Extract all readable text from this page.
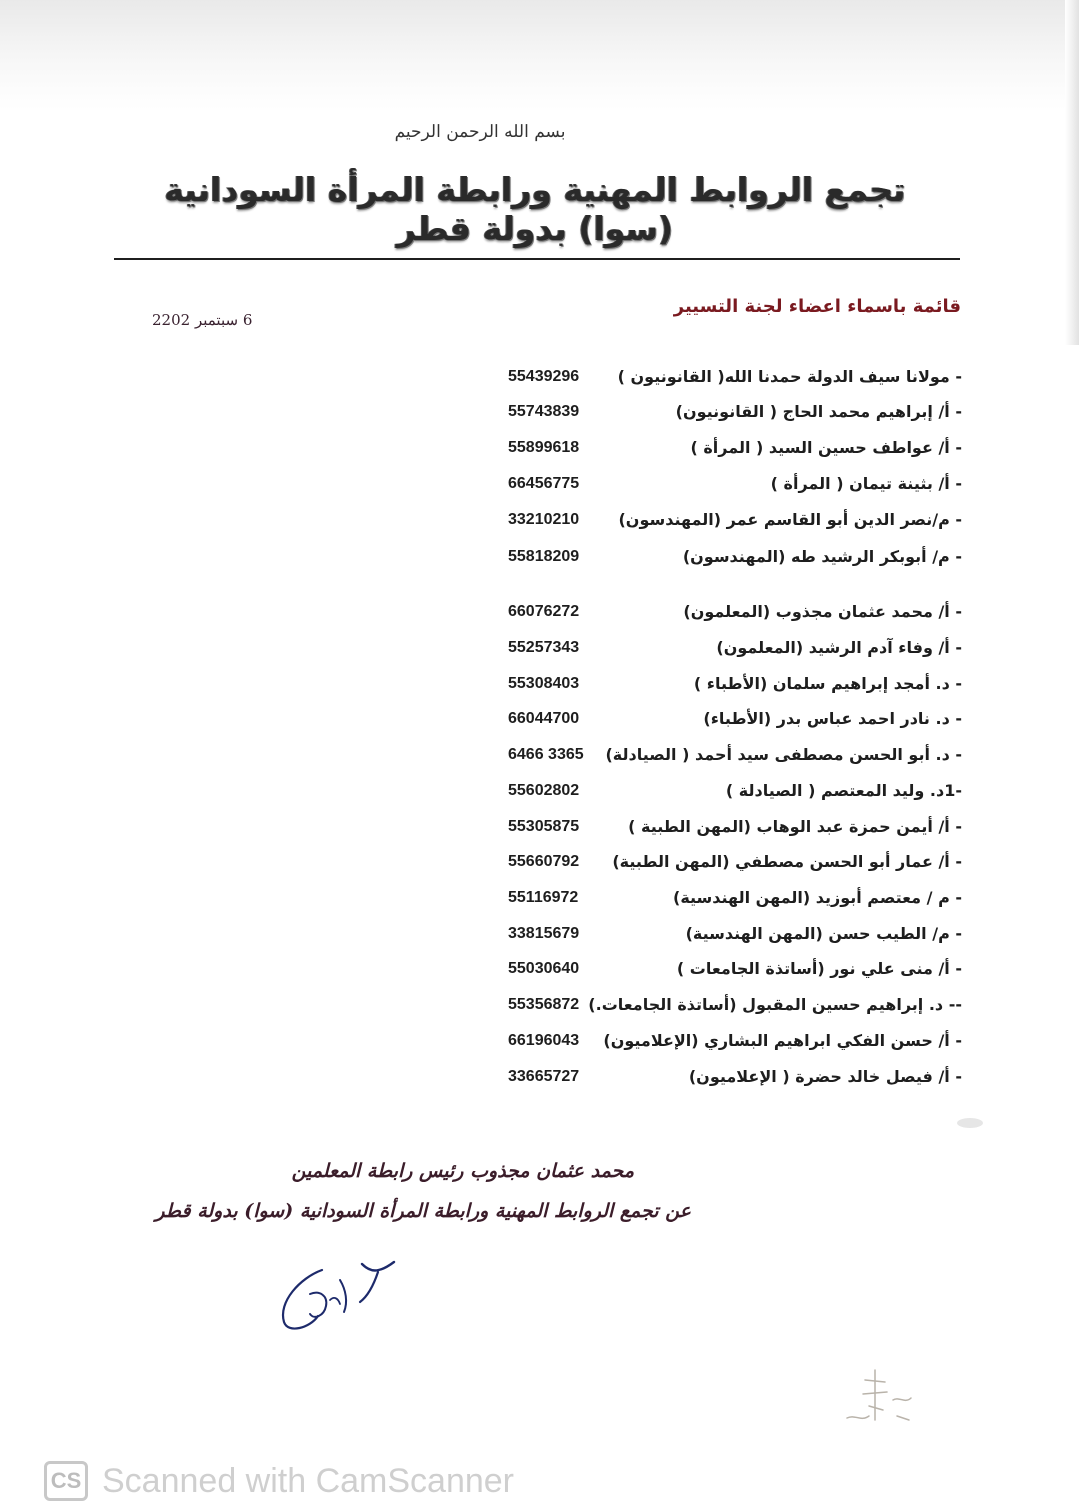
بسم الله الرحمن الرحيم
تجمع الروابط المهنية ورابطة المرأة السودانية (سوا) بدولة قطر
قائمة باسماء اعضاء لجنة التسيير
6 سبتمبر 2202
- مولانا سيف الدولة حمدنا الله( القانونيون )
55439296
- أ/ إبراهيم محمد الحاج ( القانونيون)
55743839
- أ/ عواطف حسين السيد ( المرأة )
55899618
- أ/ بثينة تيمان ( المرأة )
66456775
- م/نصر الدين أبو القاسم عمر (المهندسون)
33210210
- م/ أبوبكر الرشيد طه (المهندسون)
55818209
- أ/ محمد عثمان مجذوب (المعلمون)
66076272
- أ/ وفاء آدم الرشيد (المعلمون)
55257343
- د. أمجد إبراهيم سلمان (الأطباء )
55308403
- د. نادر احمد عباس بدر (الأطباء)
66044700
- د. أبو الحسن مصطفى سيد أحمد ( الصيادلة)
6466 3365
-1د. وليد المعتصم ( الصيادلة )
55602802
- أ/ أيمن حمزة عبد الوهاب (المهن الطبية )
55305875
- أ/ عمار أبو الحسن مصطفي (المهن الطبية)
55660792
- م / معتصم أبوزيد (المهن الهندسية)
55116972
- م/ الطيب حسن (المهن الهندسية)
33815679
- أ/ منى علي نور (أساتذة الجامعات )
55030640
-- د. إبراهيم حسين المقبول (أساتذة الجامعات.)
55356872
- أ/ حسن الفكي ابراهيم البشاري (الإعلاميون)
66196043
- أ/ فيصل خالد حضرة ( الإعلاميون)
33665727
محمد عثمان مجذوب رئيس رابطة المعلمين
عن تجمع الروابط المهنية ورابطة المرأة السودانية (سوا) بدولة قطر
CS Scanned with CamScanner
